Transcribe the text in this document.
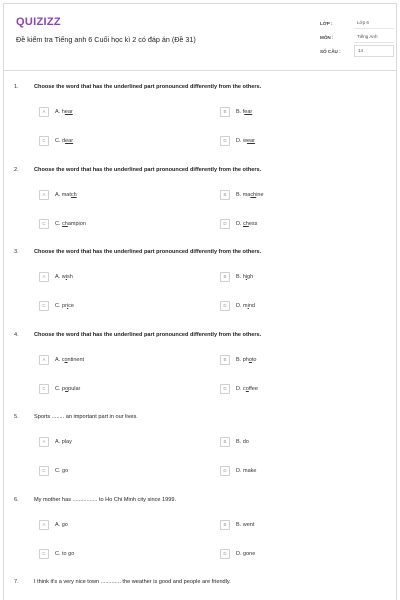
QUIZIZZ
Đề kiểm tra Tiếng anh 6 Cuối học kì 2 có đáp án (Đề 31)
LỚP :	Lớp 6
MÔN :	Tiếng Anh
SỐ CÂU :	14
1.	Choose the word that has the underlined part pronounced differently from the others.
A	A. hear	B	B. fear
C	C. dear	D	D. wear
2.	Choose the word that has the underlined part pronounced differently from the others.
A	A. match	B	B. machine
C	C. champion	D	D. chess
3.	Choose the word that has the underlined part pronounced differently from the others.
A	A. wish	B	B. high
C	C. price	D	D. mind
4.	Choose the word that has the underlined part pronounced differently from the others.
A	A. continent	B	B. photo
C	C. popular	D	D. coffee
5.	Sports ........ an important part in our lives.
A	A. play	B	B. do
C	C. go	D	D. make
6.	My mother has ................ to Ho Chi Minh city since 1999.
A	A. go	B	B. went
C	C. to go	D	D. gone
7.	I think it's a very nice town ............. the weather is good and people are friendly.
